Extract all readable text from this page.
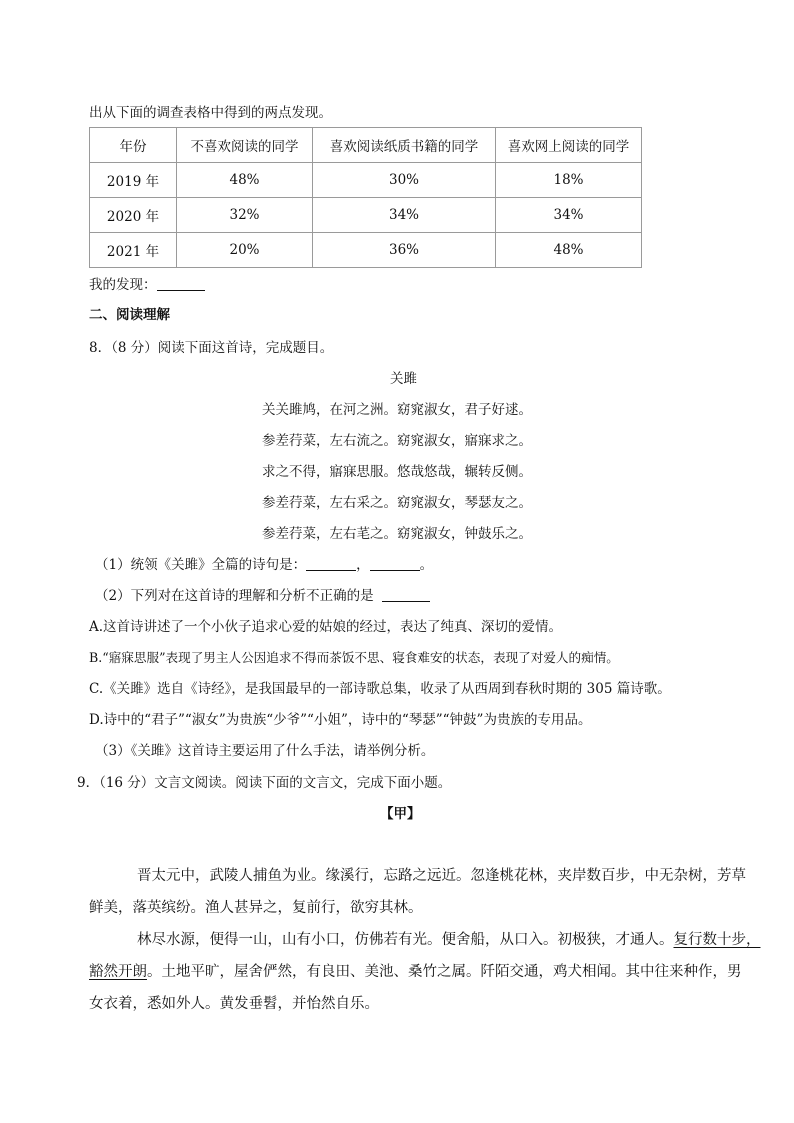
出从下面的调查表格中得到的两点发现。
年份	不喜欢阅读的同学	喜欢阅读纸质书籍的同学	喜欢网上阅读的同学
2019 年	48%	30%	18%
2020 年	32%	34%	34%
2021 年	20%	36%	48%
我的发现：
二、阅读理解
8．（8 分）阅读下面这首诗，完成题目。
关雎
关关雎鸠，在河之洲。窈窕淑女，君子好逑。
参差荇菜，左右流之。窈窕淑女，寤寐求之。
求之不得，寤寐思服。悠哉悠哉，辗转反侧。
参差荇菜，左右采之。窈窕淑女，琴瑟友之。
参差荇菜，左右芼之。窈窕淑女，钟鼓乐之。
（1）统领《关雎》全篇的诗句是：	，	。
（2）下列对在这首诗的理解和分析不正确的是
A.这首诗讲述了一个小伙子追求心爱的姑娘的经过，表达了纯真、深切的爱情。
B.“寤寐思服”表现了男主人公因追求不得而茶饭不思、寝食难安的状态，表现了对爱人的痴情。
C.《关雎》选自《诗经》，是我国最早的一部诗歌总集，收录了从西周到春秋时期的 305 篇诗歌。
D.诗中的“君子”“淑女”为贵族“少爷”“小姐”，诗中的“琴瑟”“钟鼓”为贵族的专用品。
（3）《关雎》这首诗主要运用了什么手法，请举例分析。
9．（16 分）文言文阅读。阅读下面的文言文，完成下面小题。
【甲】
晋太元中，武陵人捕鱼为业。缘溪行，忘路之远近。忽逢桃花林，夹岸数百步，中无杂树，芳草
鲜美，落英缤纷。渔人甚异之，复前行，欲穷其林。
林尽水源，便得一山，山有小口，仿佛若有光。便舍船，从口入。初极狭，才通人。复行数十步，
豁然开朗。土地平旷，屋舍俨然，有良田、美池、桑竹之属。阡陌交通，鸡犬相闻。其中往来种作，男
女衣着，悉如外人。黄发垂髫，并怡然自乐。
